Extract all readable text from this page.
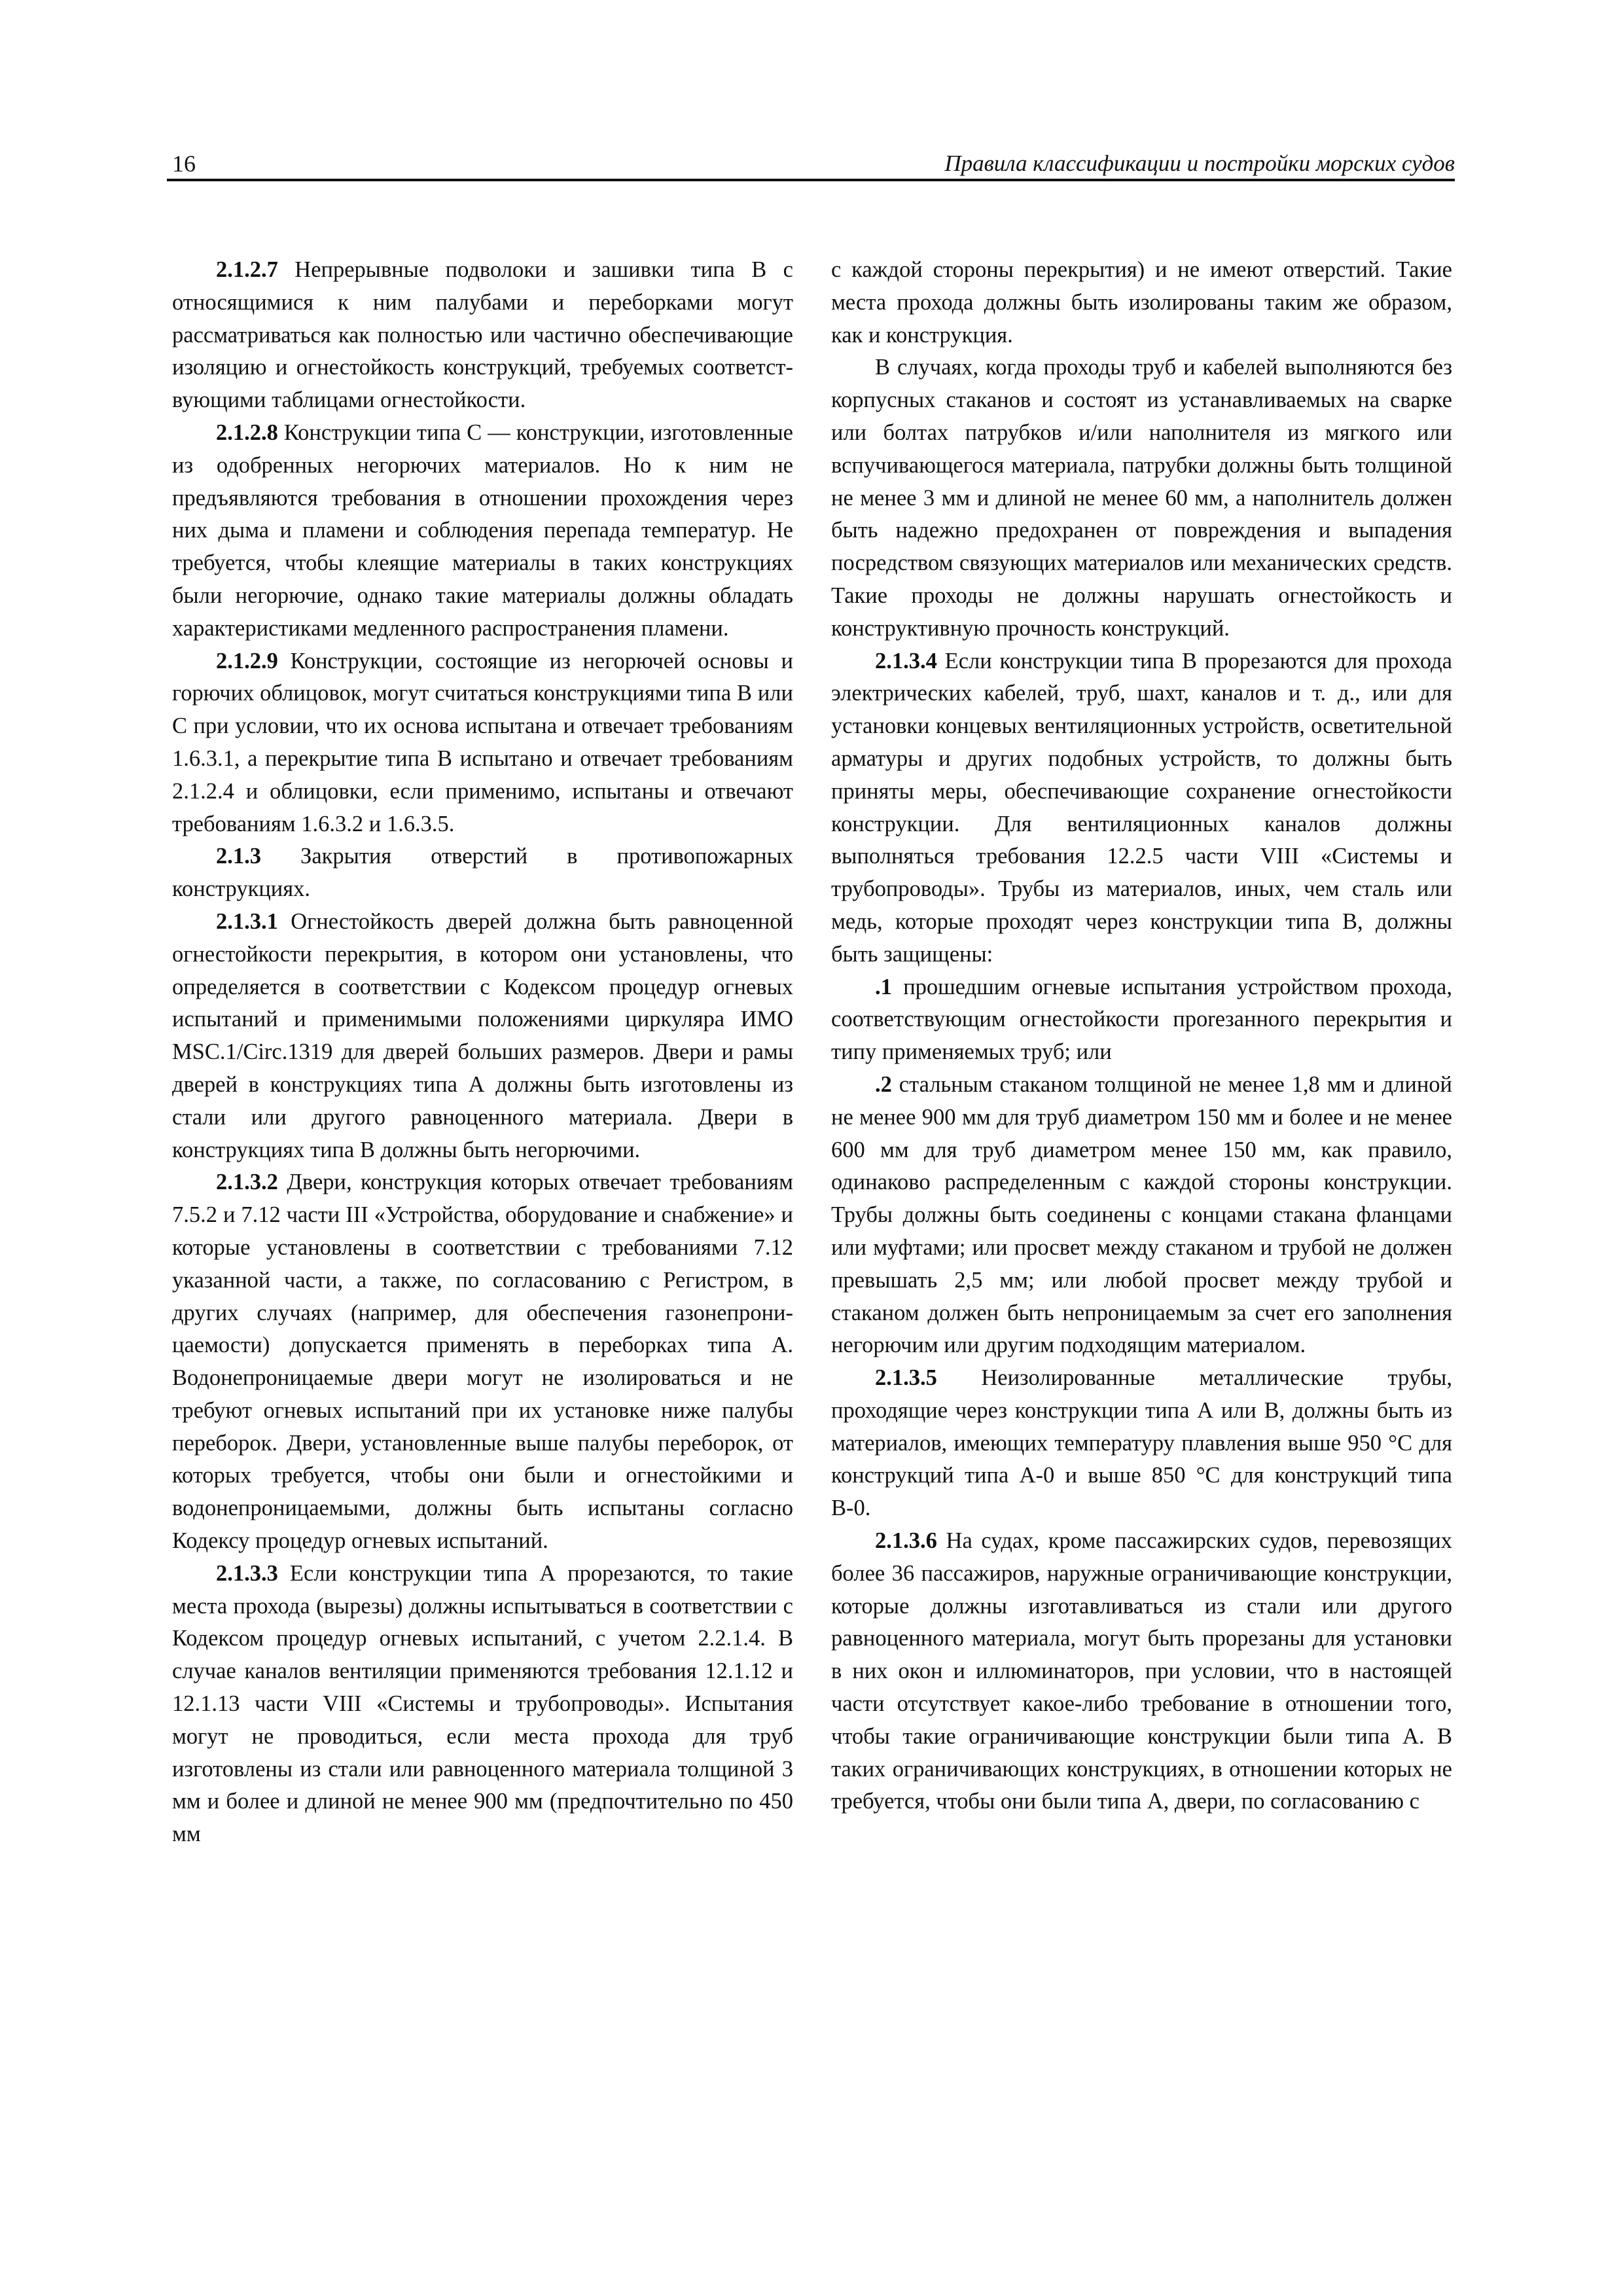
16	Правила классификации и постройки морских судов

2.1.2.7 Непрерывные подволоки и зашивки типа В с относящимися к ним палубами и переборками могут рассматриваться как полностью или частично обеспечивающие изоляцию и огнестойкость конструкций, требуемых соответствующими таблицами огнестойкости.

2.1.2.8 Конструкции типа С — конструкции, изготовленные из одобренных негорючих материалов. Но к ним не предъявляются требования в отношении прохождения через них дыма и пламени и соблюдения перепада температур. Не требуется, чтобы клеящие материалы в таких конструкциях были негорючие, однако такие материалы должны обладать характеристиками медленного распространения пламени.

2.1.2.9 Конструкции, состоящие из негорючей основы и горючих облицовок, могут считаться конструкциями типа В или С при условии, что их основа испытана и отвечает требованиям 1.6.3.1, а перекрытие типа В испытано и отвечает требованиям 2.1.2.4 и облицовки, если применимо, испытаны и отвечают требованиям 1.6.3.2 и 1.6.3.5.

2.1.3 Закрытия отверстий в противопожарных конструкциях.

2.1.3.1 Огнестойкость дверей должна быть равноценной огнестойкости перекрытия, в котором они установлены, что определяется в соответствии с Кодексом процедур огневых испытаний и применимыми положениями циркуляра ИМО MSC.1/Circ.1319 для дверей больших размеров. Двери и рамы дверей в конструкциях типа А должны быть изготовлены из стали или другого равноценного материала. Двери в конструкциях типа В должны быть негорючими.

2.1.3.2 Двери, конструкция которых отвечает требованиям 7.5.2 и 7.12 части III «Устройства, оборудование и снабжение» и которые установлены в соответствии с требованиями 7.12 указанной части, а также, по согласованию с Регистром, в других случаях (например, для обеспечения газонепроницаемости) допускается применять в переборках типа А. Водонепроницаемые двери могут не изолироваться и не требуют огневых испытаний при их установке ниже палубы переборок. Двери, установленные выше палубы переборок, от которых требуется, чтобы они были и огнестойкими и водонепроницаемыми, должны быть испытаны согласно Кодексу процедур огневых испытаний.

2.1.3.3 Если конструкции типа А прорезаются, то такие места прохода (вырезы) должны испытываться в соответствии с Кодексом процедур огневых испытаний, с учетом 2.2.1.4. В случае каналов вентиляции применяются требования 12.1.12 и 12.1.13 части VIII «Системы и трубопроводы». Испытания могут не проводиться, если места прохода для труб изготовлены из стали или равноценного материала толщиной 3 мм и более и длиной не менее 900 мм (предпочтительно по 450 мм

с каждой стороны перекрытия) и не имеют отверстий. Такие места прохода должны быть изолированы таким же образом, как и конструкция.

В случаях, когда проходы труб и кабелей выполняются без корпусных стаканов и состоят из устанавливаемых на сварке или болтах патрубков и/или наполнителя из мягкого или вспучивающегося материала, патрубки должны быть толщиной не менее 3 мм и длиной не менее 60 мм, а наполнитель должен быть надежно предохранен от повреждения и выпадения посредством связующих материалов или механических средств. Такие проходы не должны нарушать огнестойкость и конструктивную прочность конструкций.

2.1.3.4 Если конструкции типа В прорезаются для прохода электрических кабелей, труб, шахт, каналов и т. д., или для установки концевых вентиляционных устройств, осветительной арматуры и других подобных устройств, то должны быть приняты меры, обеспечивающие сохранение огнестойкости конструкции. Для вентиляционных каналов должны выполняться требования 12.2.5 части VIII «Системы и трубопроводы». Трубы из материалов, иных, чем сталь или медь, которые проходят через конструкции типа В, должны быть защищены:

.1 прошедшим огневые испытания устройством прохода, соответствующим огнестойкости прoreзанного перекрытия и типу применяемых труб; или

.2 стальным стаканом толщиной не менее 1,8 мм и длиной не менее 900 мм для труб диаметром 150 мм и более и не менее 600 мм для труб диаметром менее 150 мм, как правило, одинаково распределенным с каждой стороны конструкции. Трубы должны быть соединены с концами стакана фланцами или муфтами; или просвет между стаканом и трубой не должен превышать 2,5 мм; или любой просвет между трубой и стаканом должен быть непроницаемым за счет его заполнения негорючим или другим подходящим материалом.

2.1.3.5 Неизолированные металлические трубы, проходящие через конструкции типа А или В, должны быть из материалов, имеющих температуру плавления выше 950 °С для конструкций типа А-0 и выше 850 °С для конструкций типа В-0.

2.1.3.6 На судах, кроме пассажирских судов, перевозящих более 36 пассажиров, наружные ограничивающие конструкции, которые должны изготавливаться из стали или другого равноценного материала, могут быть прорезаны для установки в них окон и иллюминаторов, при условии, что в настоящей части отсутствует какое-либо требование в отношении того, чтобы такие ограничивающие конструкции были типа А. В таких ограничивающих конструкциях, в отношении которых не требуется, чтобы они были типа А, двери, по согласованию с
